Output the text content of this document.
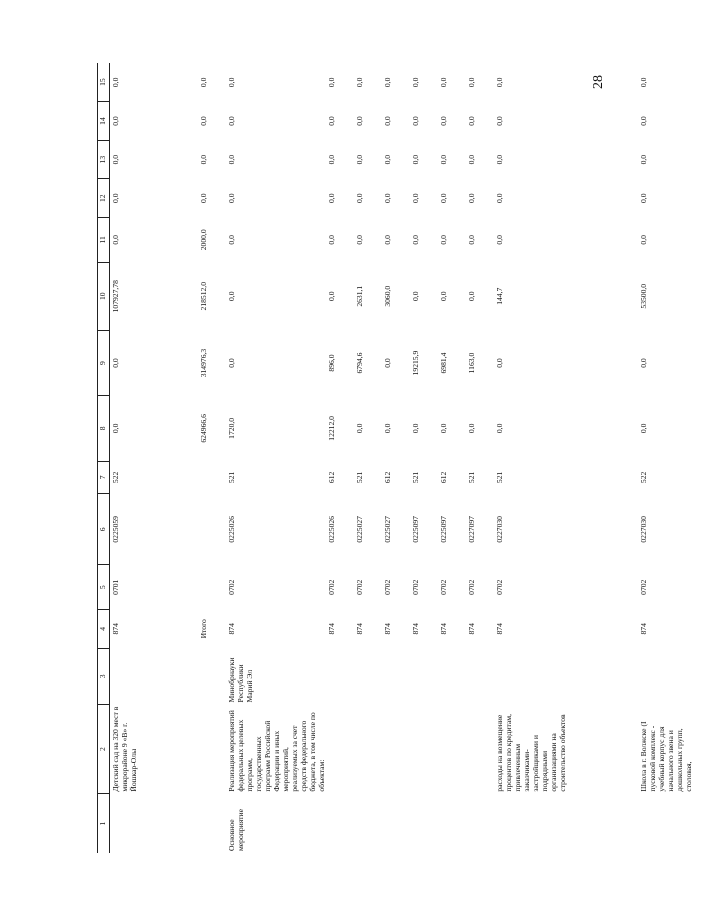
28
1	2	3	4	5	6	7	8	9	10	11	12	13	14	15
	Детский сад на 320 мест в микрорайоне 9 «В» г. Йошкар-Олы		874	0701	0225059	522	0,0	0,0	107927,78	0,0	0,0	0,0	0,0	0,0
			Итого				624966,6	314976,3	218512,0	2000,0	0,0	0,0	0,0	0,0
Основное мероприятие	Реализация мероприятий федеральных целевых программ, государственных программ Российской Федерации и иных мероприятий, реализуемых за счет средств федерального бюджета, в том числе по объектам:	Минобрнауки Республики Марий Эл	874	0702	0225026	521	1720,0	0,0	0,0	0,0	0,0	0,0	0,0	0,0
			874	0702	0225026	612	12212,0	896,0	0,0	0,0	0,0	0,0	0,0	0,0
			874	0702	0225027	521	0,0	6794,6	2631,1	0,0	0,0	0,0	0,0	0,0
			874	0702	0225027	612	0,0	0,0	3060,0	0,0	0,0	0,0	0,0	0,0
			874	0702	0225097	521	0,0	19215,9	0,0	0,0	0,0	0,0	0,0	0,0
			874	0702	0225097	612	0,0	6981,4	0,0	0,0	0,0	0,0	0,0	0,0
			874	0702	0227097	521	0,0	1163,0	0,0	0,0	0,0	0,0	0,0	0,0
	расходы на возмещение процентов по кредитам, привлеченным заказчиками-застройщиками и подрядными организациями на строительство объектов		874	0702	0227030	521	0,0	0,0	144,7	0,0	0,0	0,0	0,0	0,0
	Школа в г. Волжске (I пусковой комплекс - учебный корпус для начального звена и дошкольных групп, столовая,		874	0702	0227030	522	0,0	0,0	53500,0	0,0	0,0	0,0	0,0	0,0
